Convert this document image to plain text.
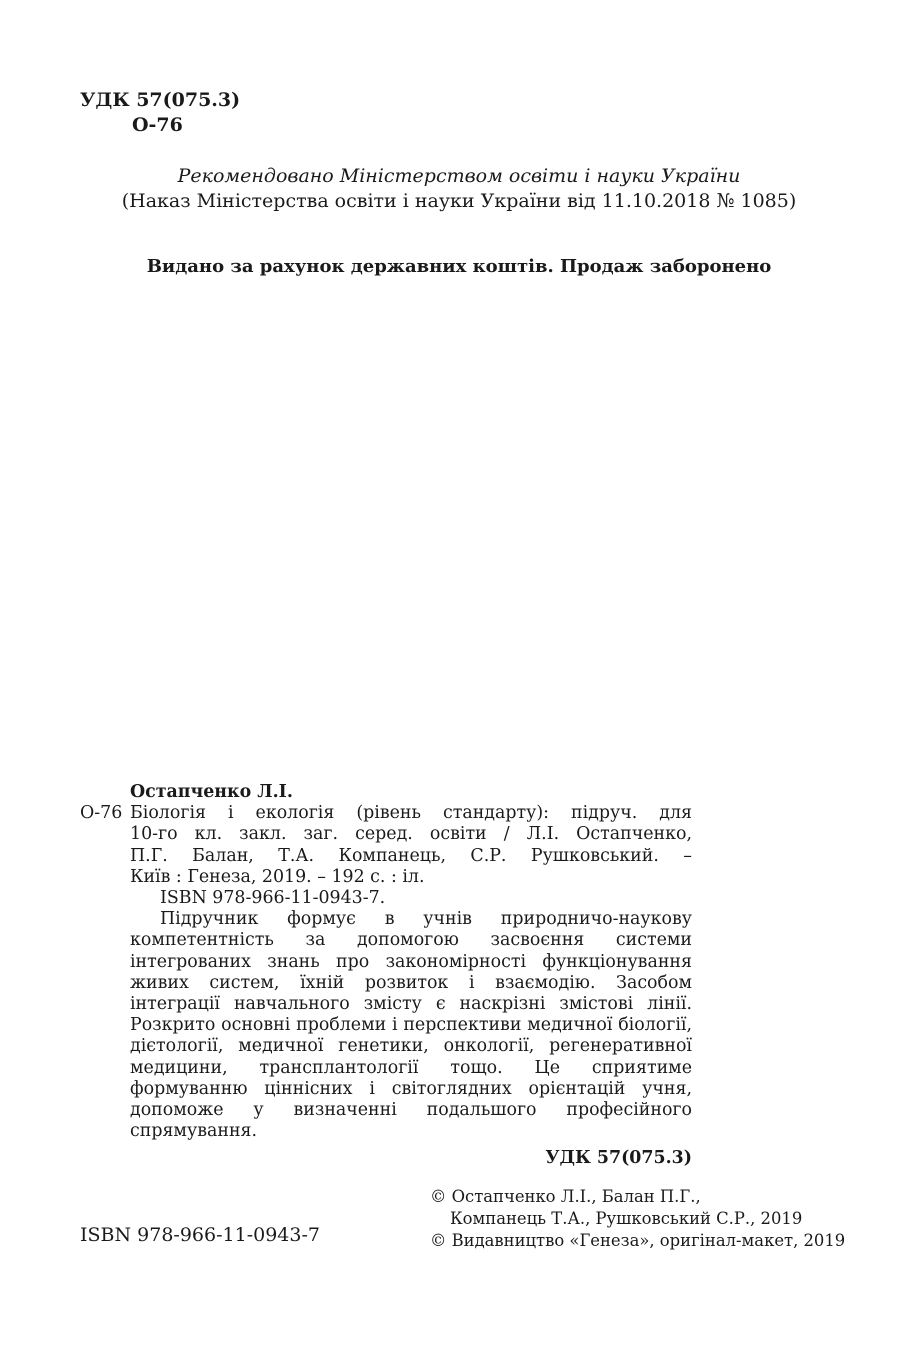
УДК 57(075.3)
О-76
Рекомендовано Міністерством освіти і науки України
(Наказ Міністерства освіти і науки України від 11.10.2018 № 1085)
Видано за рахунок державних коштів. Продаж заборонено
Остапченко Л.І.
О-76 Біологія і екологія (рівень стандарту): підруч. для
10-го кл. закл. заг. серед. освіти / Л.І. Остапченко,
П.Г. Балан, Т.А. Компанець, С.Р. Рушковський. –
Київ : Генеза, 2019. – 192 с. : іл.
ISBN 978-966-11-0943-7.
Підручник формує в учнів природничо-наукову компетентність за допомогою засвоєння системи інтегрованих знань про закономірності функціонування живих систем, їхній розвиток і взаємодію. Засобом інтеграції навчального змісту є наскрізні змістові лінії. Розкрито основні проблеми і перспективи медичної біології, дієтології, медичної генетики, онкології, регенеративної медицини, трансплантології тощо. Це сприятиме формуванню ціннісних і світоглядних орієнтацій учня, допоможе у визначенні подальшого професійного спрямування.
УДК 57(075.3)
ISBN 978-966-11-0943-7
© Остапченко Л.І., Балан П.Г.,
Компанець Т.А., Рушковський С.Р., 2019
© Видавництво «Генеза», оригінал-макет, 2019
